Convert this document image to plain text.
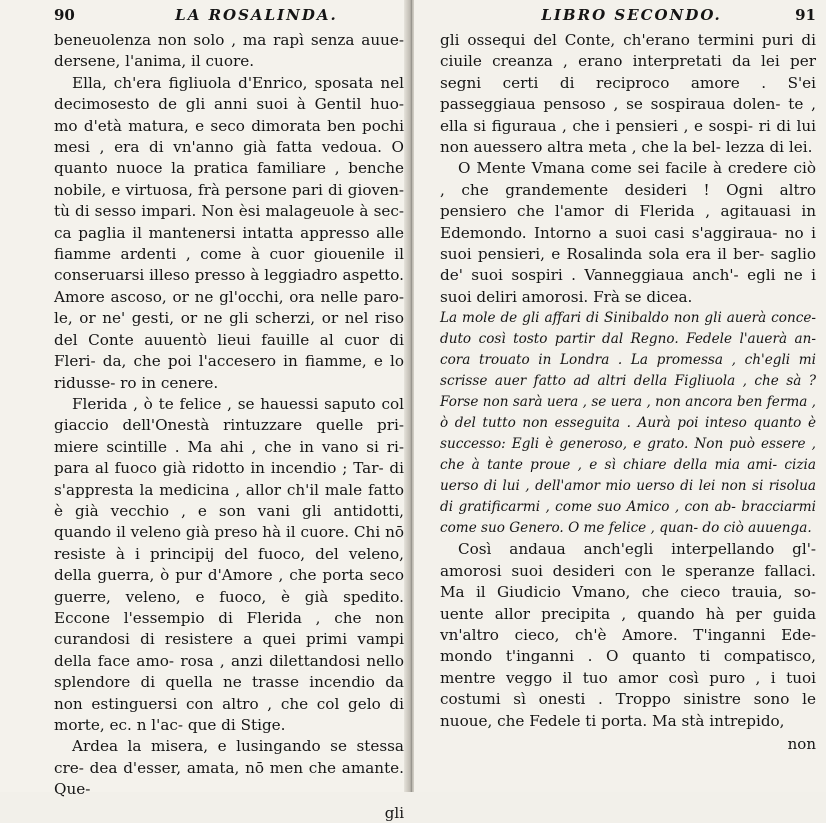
90	LA ROSALINDA.

beneuolenza non solo , ma rapì senza auue- dersene, l'anima, il cuore.

Ella, ch'era figliuola d'Enrico, sposata nel decimosesto de gli anni suoi à Gentil huo- mo d'età matura, e seco dimorata ben pochi mesi , era di vn'anno già fatta vedoua. O quanto nuoce la pratica familiare , benche nobile, e virtuosa, frà persone pari di gioven- tù di sesso impari. Non èsi malageuole à sec- ca paglia il mantenersi intatta appresso alle fiamme ardenti , come à cuor giouenile il conseruarsi illeso presso à leggiadro aspetto. Amore ascoso, or ne gl'occhi, ora nelle paro- le, or ne' gesti, or ne gli scherzi, or nel riso del Conte auuentò lieui fauille al cuor di Fleri- da, che poi l'accesero in fiamme, e lo ridusse- ro in cenere.

Flerida , ò te felice , se hauessi saputo col giaccio dell'Onestà rintuzzare quelle pri- miere scintille . Ma ahi , che in vano si ri- para al fuoco già ridotto in incendio ; Tar- di s'appresta la medicina , allor ch'il male fatto è già vecchio , e son vani gli antidotti, quando il veleno già preso hà il cuore. Chi nō resiste à i principij del fuoco, del veleno, della guerra, ò pur d'Amore , che porta seco guerre, veleno, e fuoco, è già spedito. Eccone l'essempio di Flerida , che non curandosi di resistere a quei primi vampi della face amo- rosa , anzi dilettandosi nello splendore di quella ne trasse incendio da non estinguersi con altro , che col gelo di morte, ec. n l'ac- que di Stige.

Ardea la misera, e lusingando se stessa cre- dea d'esser, amata, nō men che amante. Que-

gli
LIBRO SECONDO.	91

gli ossequi del Conte, ch'erano termini puri di ciuile creanza , erano interpretati da lei per segni certi di reciproco amore . S'ei passeggiaua pensoso , se sospiraua dolen- te , ella si figuraua , che i pensieri , e sospi- ri di lui non auessero altra meta , che la bel- lezza di lei.

O Mente Vmana come sei facile à credere ciò , che grandemente desideri ! Ogni altro pensiero che l'amor di Flerida , agitauasi in Edemondo. Intorno a suoi casi s'aggiraua- no i suoi pensieri, e Rosalinda sola era il ber- saglio de' suoi sospiri . Vanneggiaua anch'- egli ne i suoi deliri amorosi. Frà se dicea.

La mole de gli affari di Sinibaldo non gli auerà conce- duto così tosto partir dal Regno. Fedele l'auerà an- cora trouato in Londra . La promessa , ch'egli mi scrisse auer fatto ad altri della Figliuola , che sà ? Forse non sarà uera , se uera , non ancora ben ferma , ò del tutto non esseguita . Aurà poi inteso quanto è successo: Egli è generoso, e grato. Non può essere , che à tante proue , e sì chiare della mia ami- cizia uerso di lui , dell'amor mio uerso di lei non si risolua di gratificarmi , come suo Amico , con ab- bracciarmi come suo Genero. O me felice , quan- do ciò auuenga.

Così andaua anch'egli interpellando gl'- amorosi suoi desideri con le speranze fallaci. Ma il Giudicio Vmano, che cieco trauia, so- uente allor precipita , quando hà per guida vn'altro cieco, ch'è Amore. T'inganni Ede- mondo t'inganni . O quanto ti compatisco, mentre veggo il tuo amor così puro , i tuoi costumi sì onesti . Troppo sinistre sono le nuoue, che Fedele ti porta. Ma stà intrepido,

non
